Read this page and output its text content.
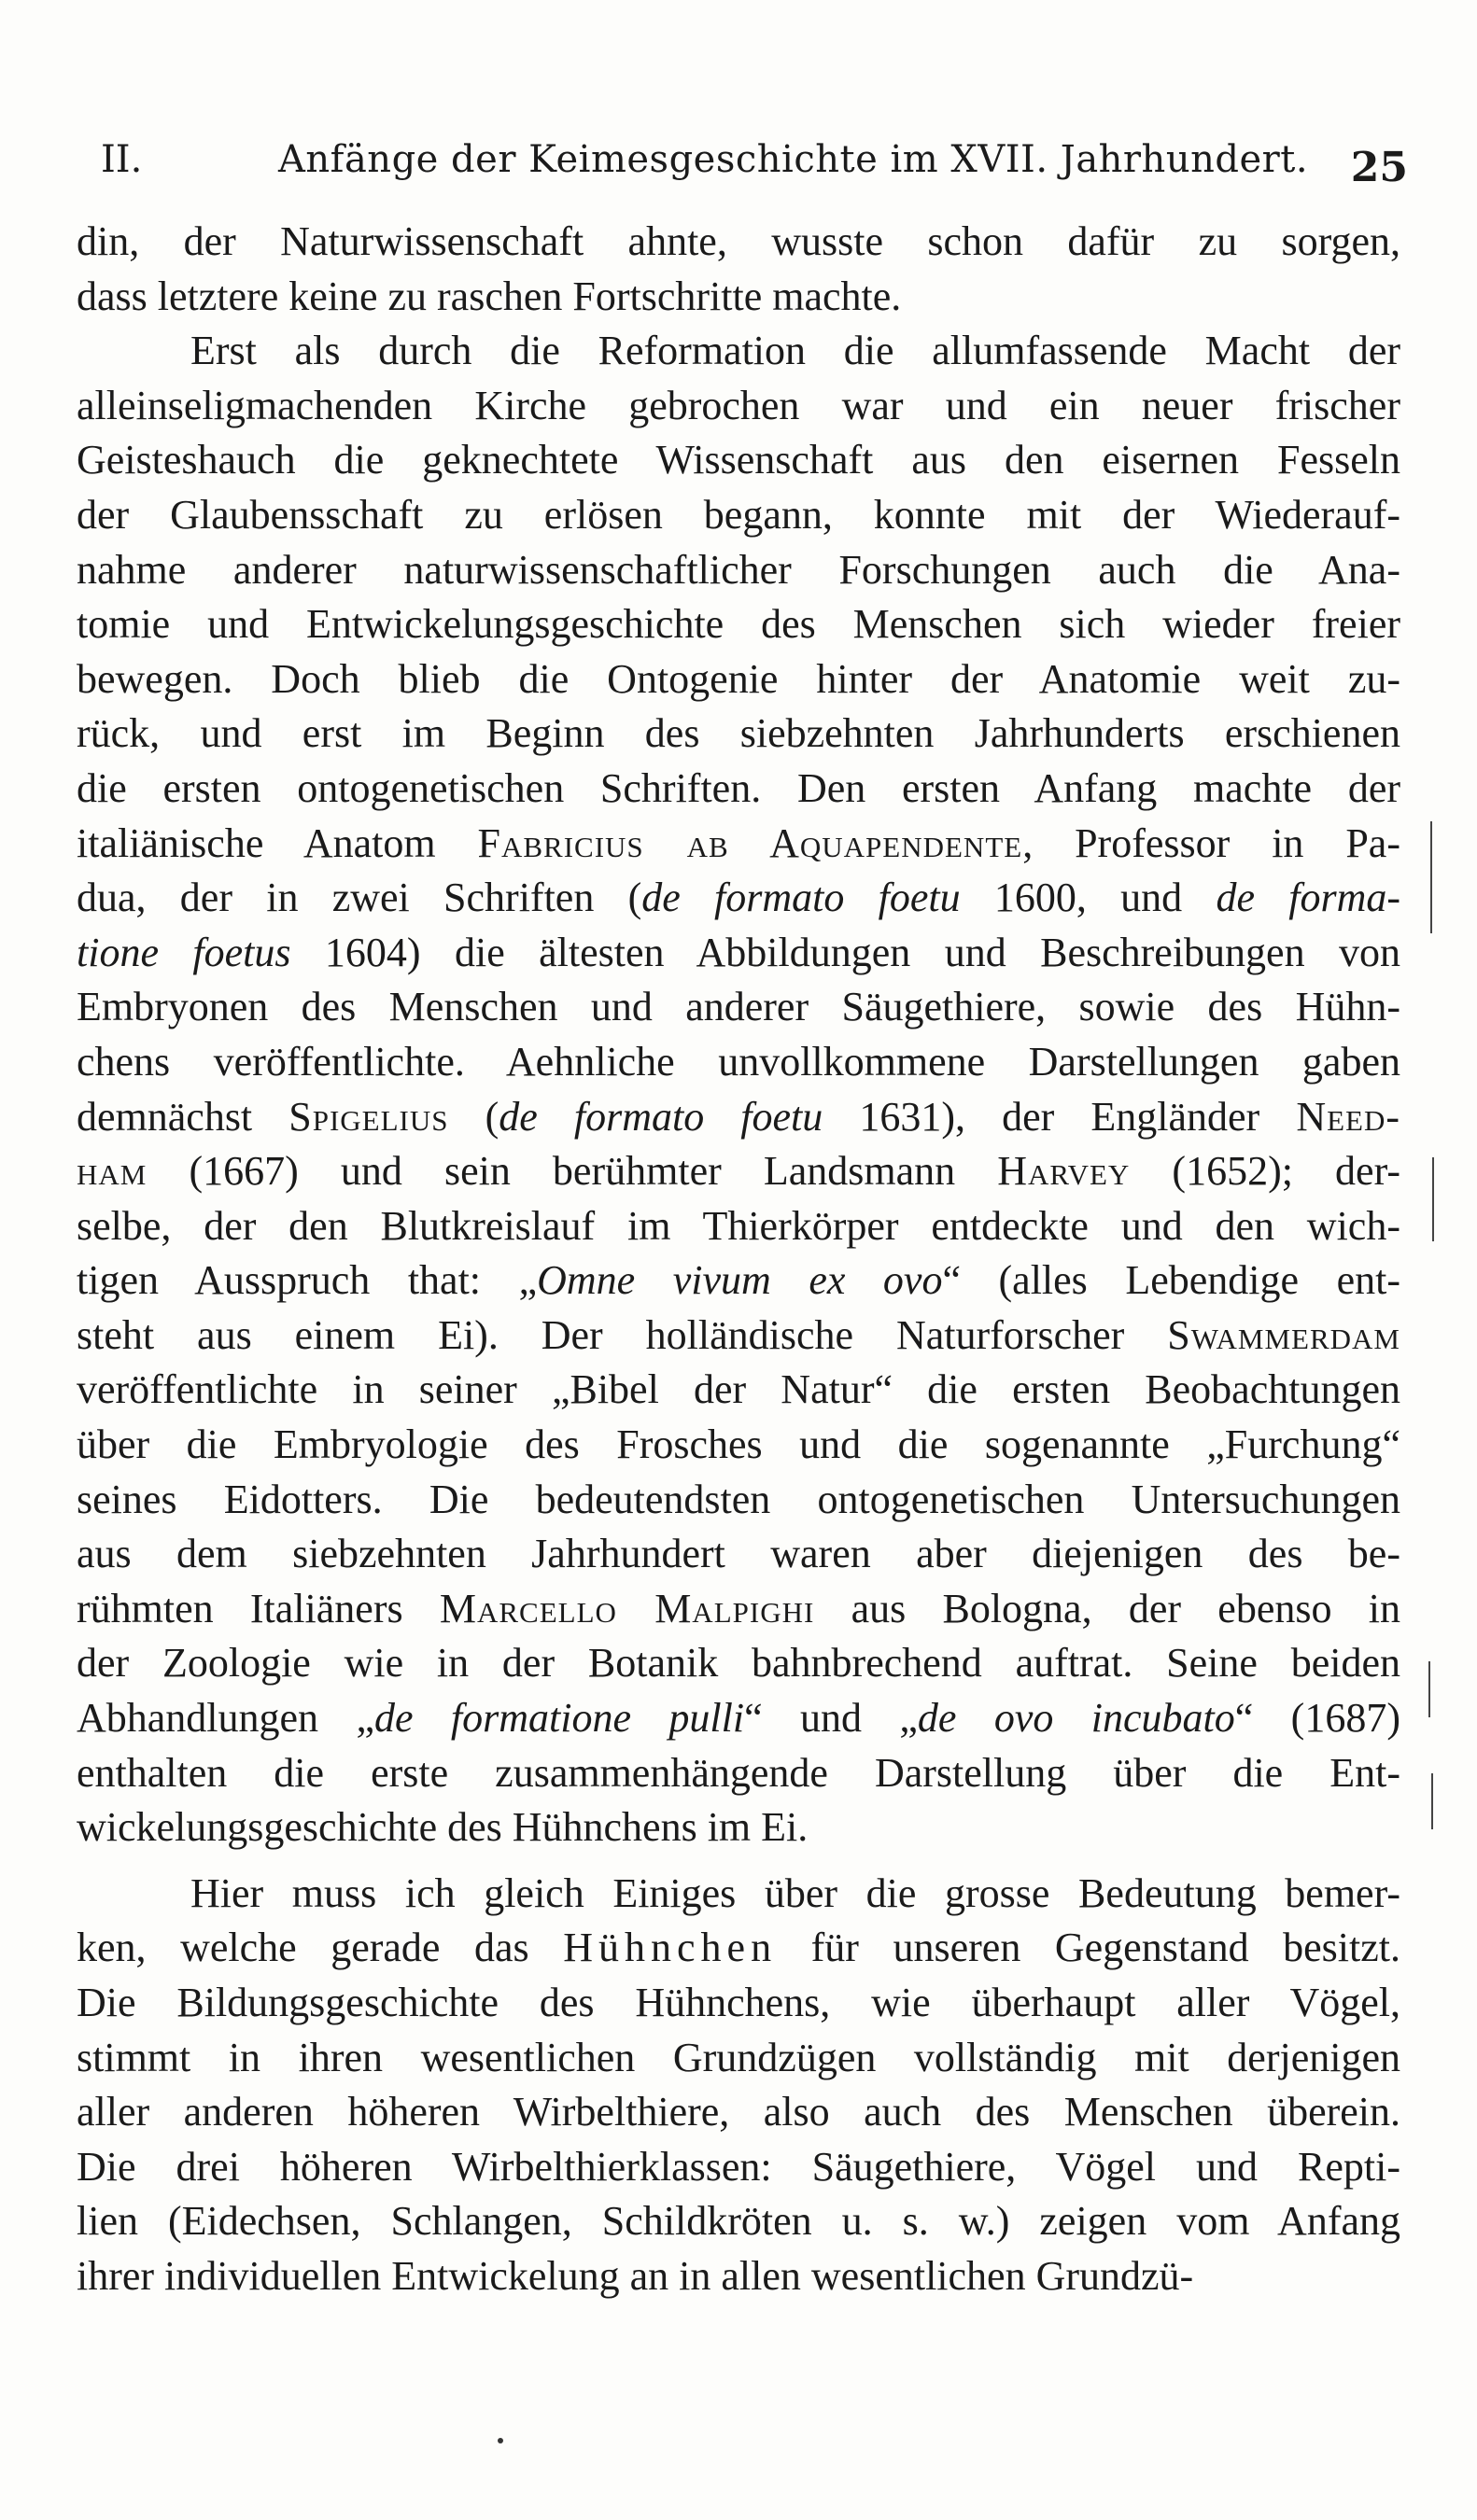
II.	Anfänge der Keimesgeschichte im XVII. Jahrhundert. 25
din, der Naturwissenschaft ahnte, wusste schon dafür zu sorgen,
dass letztere keine zu raschen Fortschritte machte.
Erst als durch die Reformation die allumfassende Macht der
alleinseligmachenden Kirche gebrochen war und ein neuer frischer
Geisteshauch die geknechtete Wissenschaft aus den eisernen Fesseln
der Glaubensschaft zu erlösen begann, konnte mit der Wiederauf-
nahme anderer naturwissenschaftlicher Forschungen auch die Ana-
tomie und Entwickelungsgeschichte des Menschen sich wieder freier
bewegen. Doch blieb die Ontogenie hinter der Anatomie weit zu-
rück, und erst im Beginn des siebzehnten Jahrhunderts erschienen
die ersten ontogenetischen Schriften. Den ersten Anfang machte der
italiänische Anatom Fabricius ab Aquapendente, Professor in Pa-
dua, der in zwei Schriften (de formato foetu 1600, und de forma-
tione foetus 1604) die ältesten Abbildungen und Beschreibungen von
Embryonen des Menschen und anderer Säugethiere, sowie des Hühn-
chens veröffentlichte. Aehnliche unvollkommene Darstellungen gaben
demnächst Spigelius (de formato foetu 1631), der Engländer Need-
ham (1667) und sein berühmter Landsmann Harvey (1652); der-
selbe, der den Blutkreislauf im Thierkörper entdeckte und den wich-
tigen Ausspruch that: „Omne vivum ex ovo“ (alles Lebendige ent-
steht aus einem Ei). Der holländische Naturforscher Swammerdam
veröffentlichte in seiner „Bibel der Natur“ die ersten Beobachtungen
über die Embryologie des Frosches und die sogenannte „Furchung“
seines Eidotters. Die bedeutendsten ontogenetischen Untersuchungen
aus dem siebzehnten Jahrhundert waren aber diejenigen des be-
rühmten Italiäners Marcello Malpighi aus Bologna, der ebenso in
der Zoologie wie in der Botanik bahnbrechend auftrat. Seine beiden
Abhandlungen „de formatione pulli“ und „de ovo incubato“ (1687)
enthalten die erste zusammenhängende Darstellung über die Ent-
wickelungsgeschichte des Hühnchens im Ei.
Hier muss ich gleich Einiges über die grosse Bedeutung bemer-
ken, welche gerade das Hühnchen für unseren Gegenstand besitzt.
Die Bildungsgeschichte des Hühnchens, wie überhaupt aller Vögel,
stimmt in ihren wesentlichen Grundzügen vollständig mit derjenigen
aller anderen höheren Wirbelthiere, also auch des Menschen überein.
Die drei höheren Wirbelthierklassen: Säugethiere, Vögel und Repti-
lien (Eidechsen, Schlangen, Schildkröten u. s. w.) zeigen vom Anfang
ihrer individuellen Entwickelung an in allen wesentlichen Grundzü-
